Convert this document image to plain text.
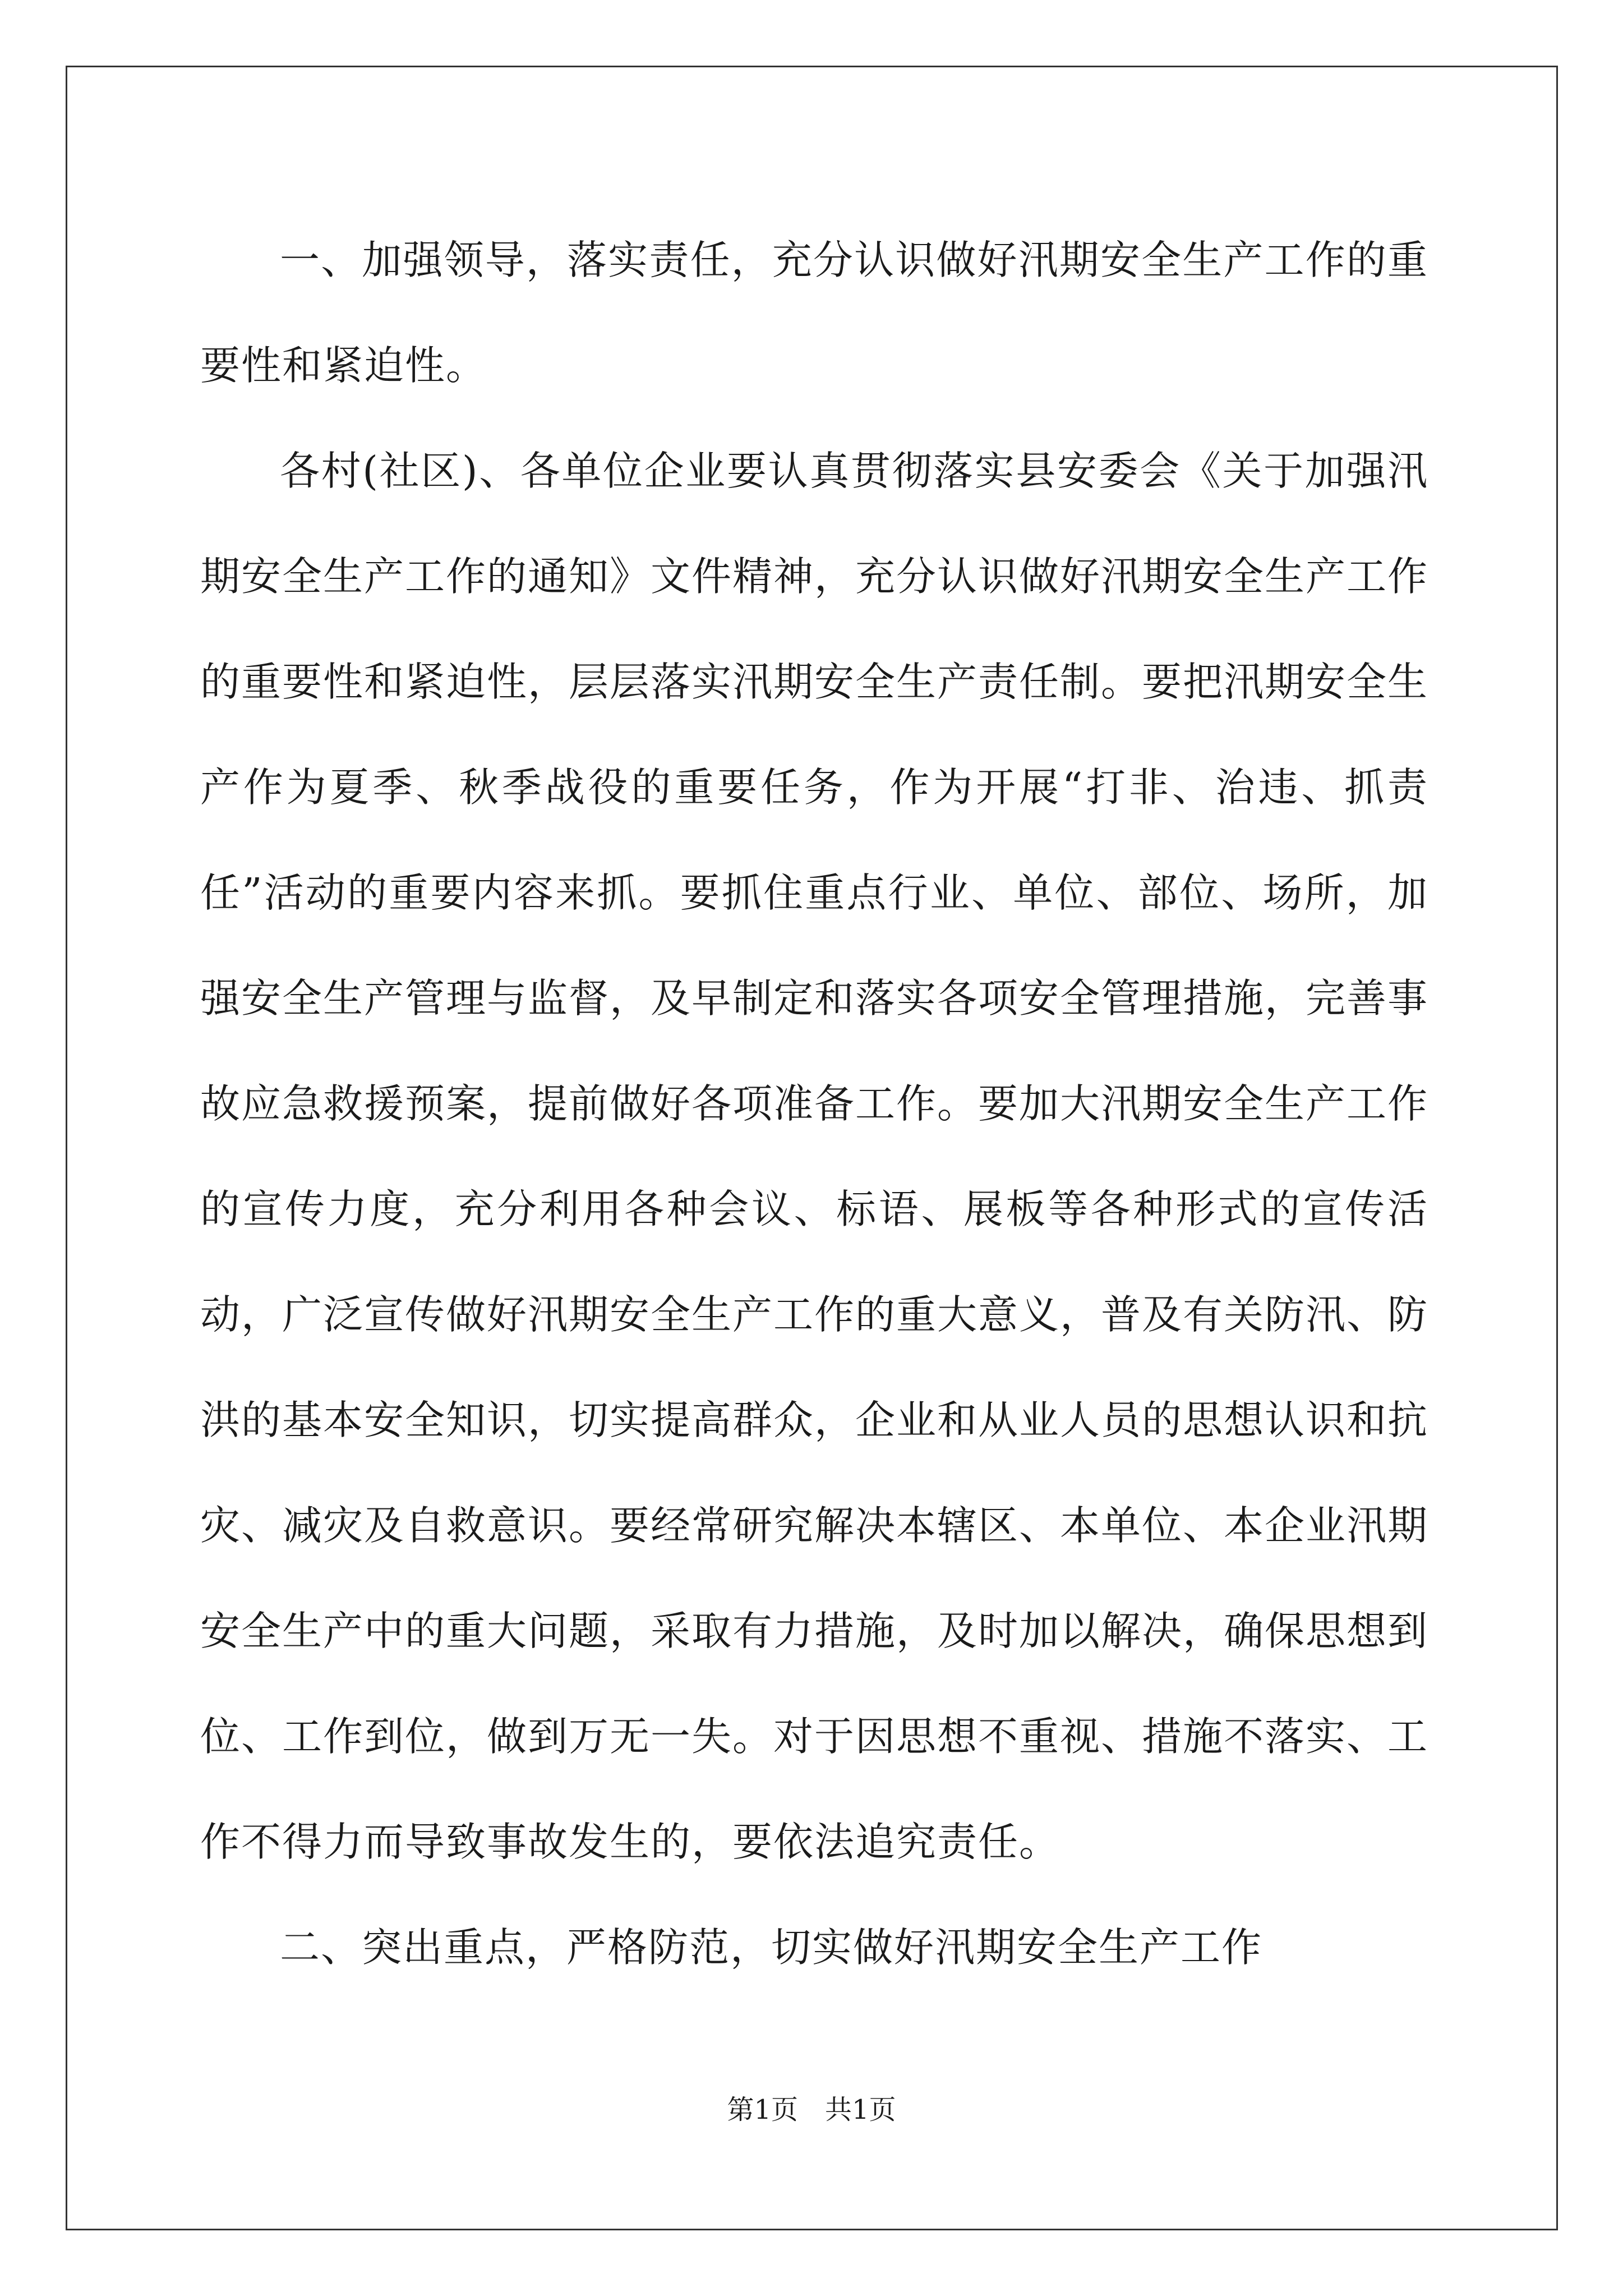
一、加强领导，落实责任，充分认识做好汛期安全生产工作的重要性和紧迫性。

各村(社区)、各单位企业要认真贯彻落实县安委会《关于加强汛期安全生产工作的通知》文件精神，充分认识做好汛期安全生产工作的重要性和紧迫性，层层落实汛期安全生产责任制。要把汛期安全生产作为夏季、秋季战役的重要任务，作为开展“打非、治违、抓责任”活动的重要内容来抓。要抓住重点行业、单位、部位、场所，加强安全生产管理与监督，及早制定和落实各项安全管理措施，完善事故应急救援预案，提前做好各项准备工作。要加大汛期安全生产工作的宣传力度，充分利用各种会议、标语、展板等各种形式的宣传活动，广泛宣传做好汛期安全生产工作的重大意义，普及有关防汛、防洪的基本安全知识，切实提高群众，企业和从业人员的思想认识和抗灾、减灾及自救意识。要经常研究解决本辖区、本单位、本企业汛期安全生产中的重大问题，采取有力措施，及时加以解决，确保思想到位、工作到位，做到万无一失。对于因思想不重视、措施不落实、工作不得力而导致事故发生的，要依法追究责任。

二、突出重点，严格防范，切实做好汛期安全生产工作

第1页　共1页
